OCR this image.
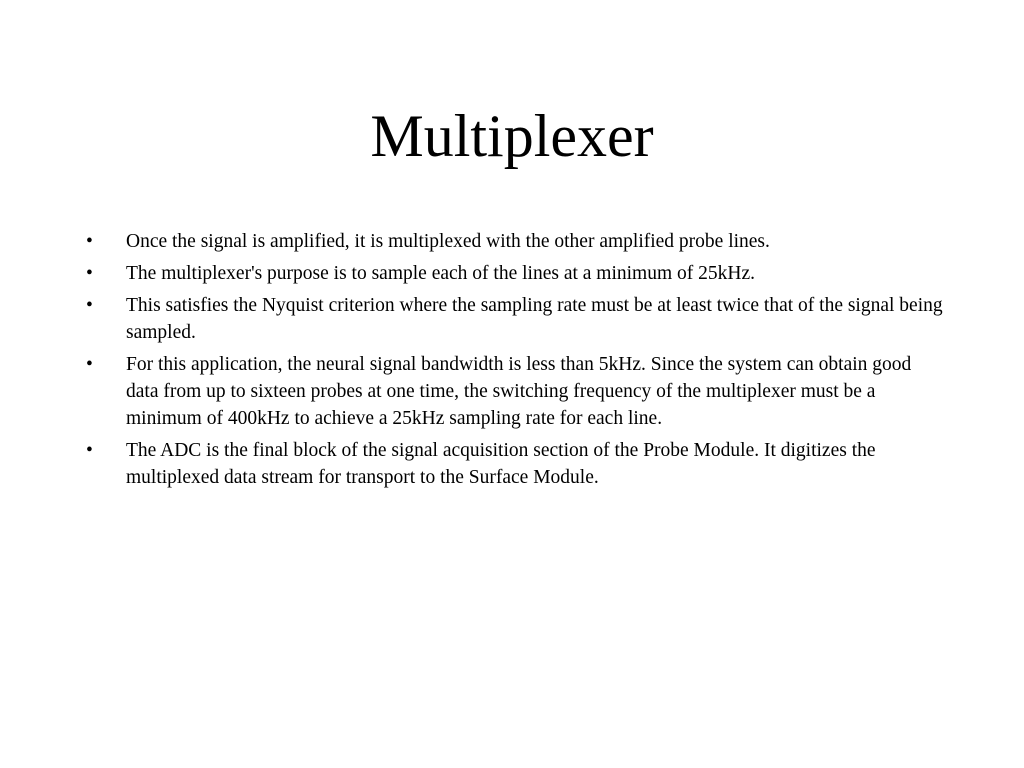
Multiplexer
•	Once the signal is amplified, it is multiplexed with the other amplified probe lines.
•	The multiplexer's purpose is to sample each of the lines at a minimum of 25kHz.
•	This satisfies the Nyquist criterion where the sampling rate must be at least twice that of the signal being sampled.
•	For this application, the neural signal bandwidth is less than 5kHz. Since the system can obtain good data from up to sixteen probes at one time, the switching frequency of the multiplexer must be a minimum of 400kHz to achieve a 25kHz sampling rate for each line.
•	The ADC is the final block of the signal acquisition section of the Probe Module. It digitizes the multiplexed data stream for transport to the Surface Module.
